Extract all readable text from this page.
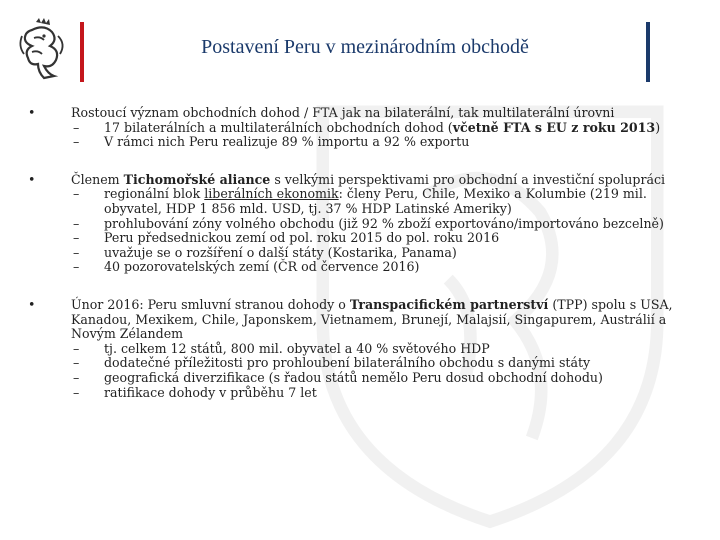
Postavení Peru v mezinárodním obchodě
•	Rostoucí význam obchodních dohod / FTA jak na bilaterální, tak multilaterální úrovni
– 17 bilaterálních a multilaterálních obchodních dohod (včetně FTA s EU z roku 2013)
– V rámci nich Peru realizuje 89 % importu a 92 % exportu
•	Členem Tichomořské aliance s velkými perspektivami pro obchodní a investiční spolupráci
– regionální blok liberálních ekonomik: členy Peru, Chile, Mexiko a Kolumbie (219 mil. obyvatel, HDP 1 856 mld. USD, tj. 37 % HDP Latinské Ameriky)
– prohlubování zóny volného obchodu (již 92 % zboží exportováno/importováno bezcelně)
– Peru předsednickou zemí od pol. roku 2015 do pol. roku 2016
– uvažuje se o rozšíření o další státy (Kostarika, Panama)
– 40 pozorovatelských zemí (ČR od července 2016)
•	Únor 2016: Peru smluvní stranou dohody o Transpacifickém partnerství (TPP) spolu s USA, Kanadou, Mexikem, Chile, Japonskem, Vietnamem, Brunejí, Malajsií, Singapurem, Austrálií a Novým Zélandem
– tj. celkem 12 států, 800 mil. obyvatel a 40 % světového HDP
– dodatečné příležitosti pro prohloubení bilaterálního obchodu s danými státy
– geografická diverzifikace (s řadou států nemělo Peru dosud obchodní dohodu)
– ratifikace dohody v průběhu 7 let
